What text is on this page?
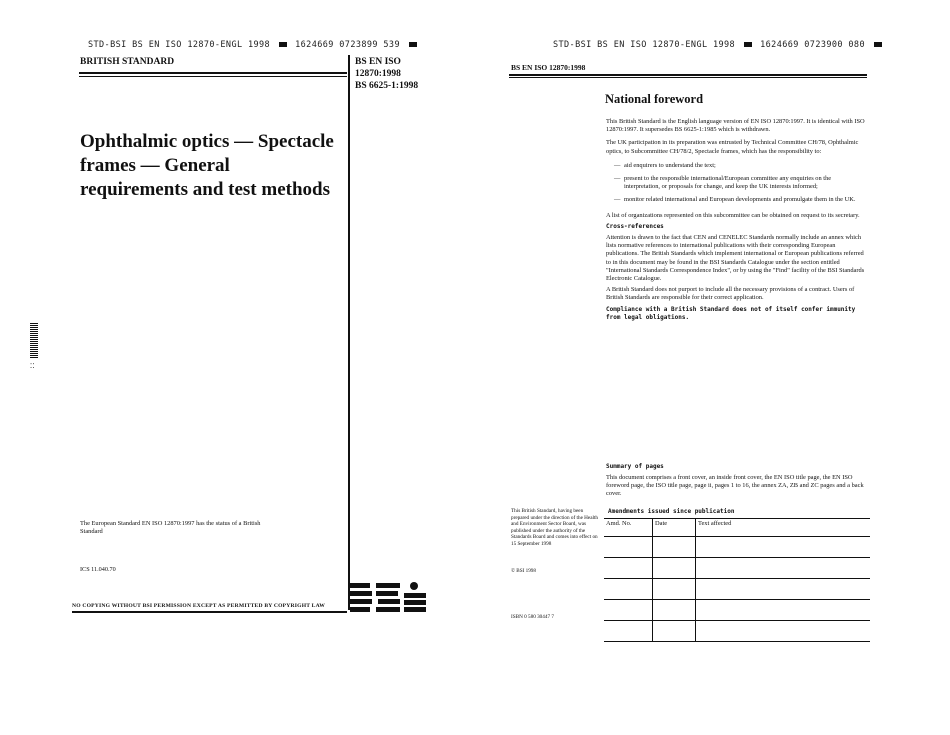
STD-BSI BS EN ISO 12870-ENGL 1998	1624669 0723899 539
BRITISH STANDARD	BS EN ISO
12870:1998
BS 6625-1:1998
Ophthalmic optics — Spectacle
frames — General
requirements and test methods
::
The European Standard EN ISO 12870:1997 has the status of a British Standard
ICS 11.040.70
NO COPYING WITHOUT BSI PERMISSION EXCEPT AS PERMITTED BY COPYRIGHT LAW
STD-BSI BS EN ISO 12870-ENGL 1998	1624669 0723900 080
BS EN ISO 12870:1998
National foreword

This British Standard is the English language version of EN ISO 12870:1997. It is identical with ISO 12870:1997. It supersedes BS 6625-1:1985 which is withdrawn.

The UK participation in its preparation was entrusted by Technical Committee CH/78, Ophthalmic optics, to Subcommittee CH/78/2, Spectacle frames, which has the responsibility to:

— aid enquirers to understand the text;
— present to the responsible international/European committee any enquiries on the interpretation, or proposals for change, and keep the UK interests informed;
— monitor related international and European developments and promulgate them in the UK.

A list of organizations represented on this subcommittee can be obtained on request to its secretary.

Cross-references

Attention is drawn to the fact that CEN and CENELEC Standards normally include an annex which lists normative references to international publications with their corresponding European publications. The British Standards which implement international or European publications referred to in this document may be found in the BSI Standards Catalogue under the section entitled "International Standards Correspondence Index", or by using the "Find" facility of the BSI Standards Electronic Catalogue.

A British Standard does not purport to include all the necessary provisions of a contract. Users of British Standards are responsible for their correct application.

Compliance with a British Standard does not of itself confer immunity from legal obligations.

Summary of pages
This document comprises a front cover, an inside front cover, the EN ISO title page, the EN ISO foreword page, the ISO title page, page ii, pages 1 to 16, the annex ZA, ZB and ZC pages and a back cover.
This British Standard, having been prepared under the direction of the Health and Environment Sector Board, was published under the authority of the Standards Board and comes into effect on 15 September 1998
© BSI 1998
ISBN 0 580 30447 7
Amendments issued since publication
Amd. No.	Date	Text affected
